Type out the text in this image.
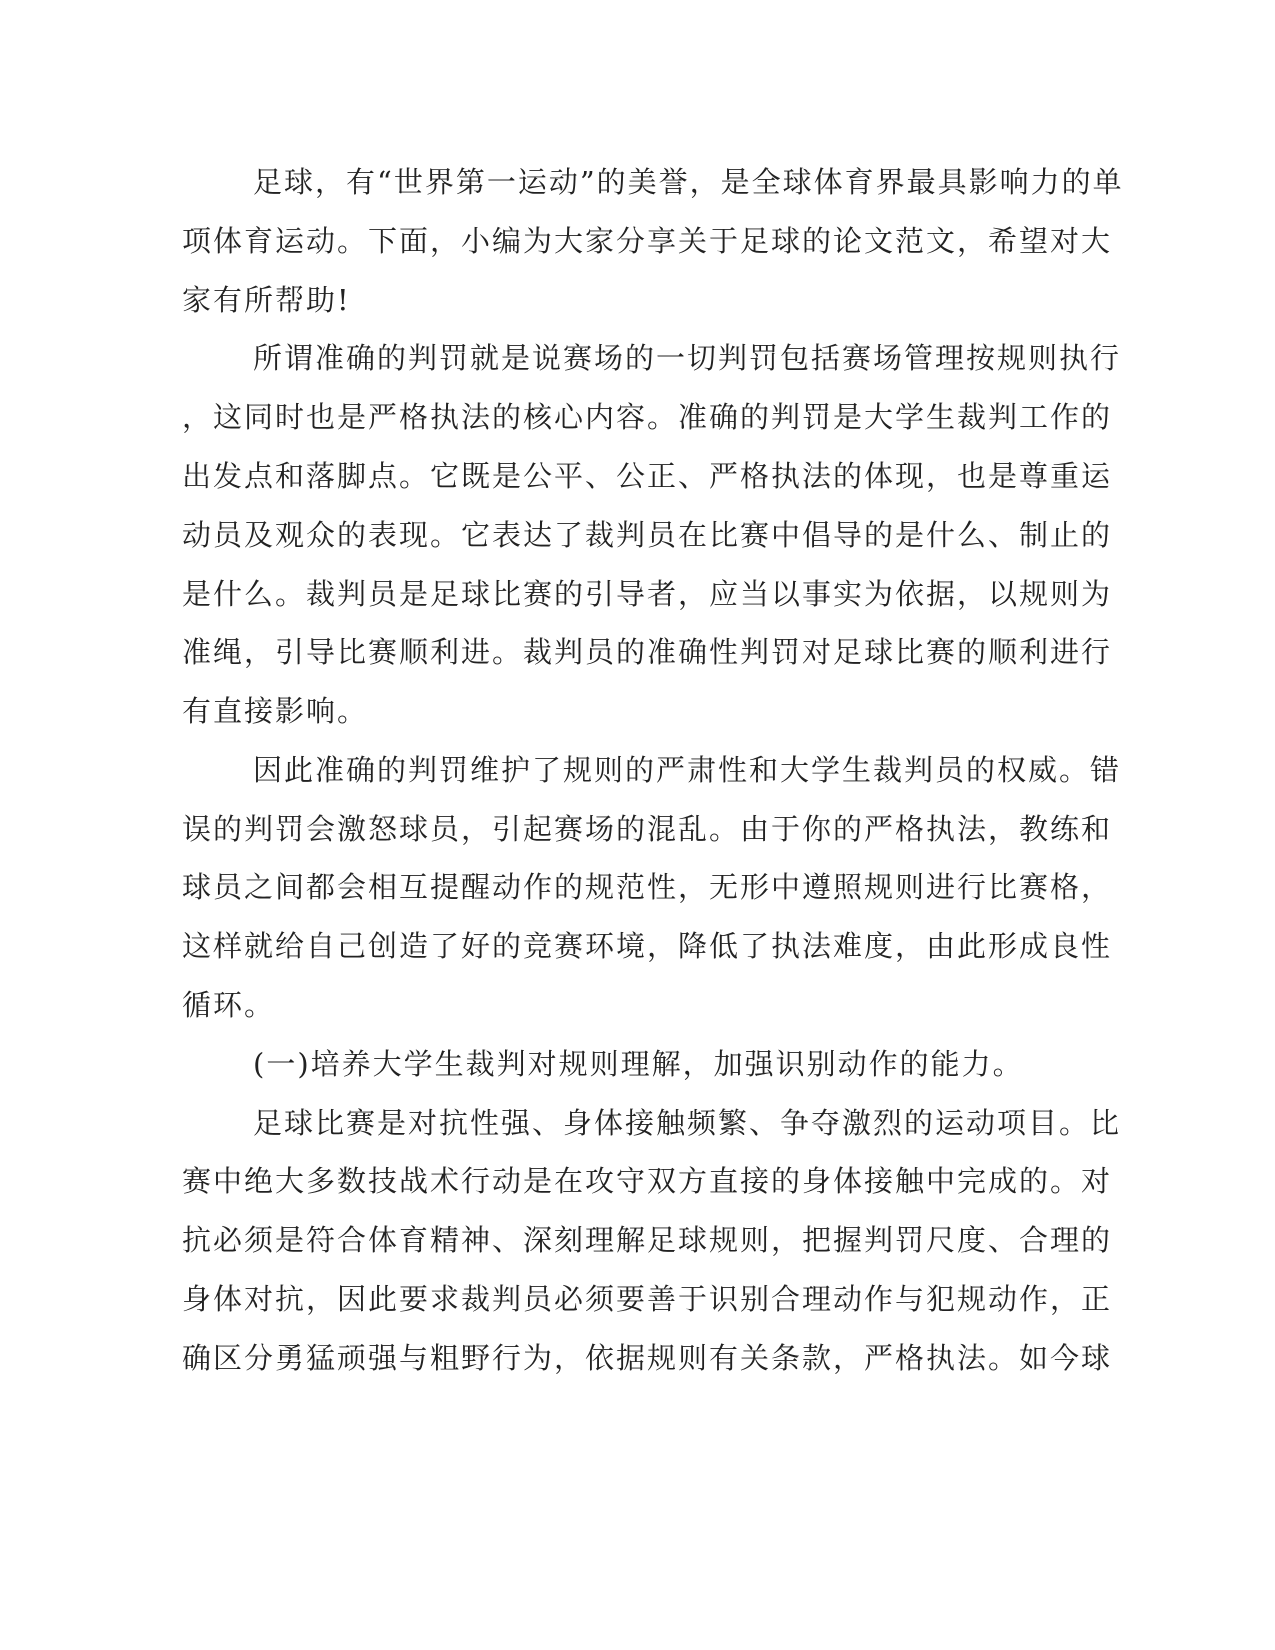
足球，有“世界第一运动”的美誉，是全球体育界最具影响力的单
项体育运动。下面，小编为大家分享关于足球的论文范文，希望对大
家有所帮助!
所谓准确的判罚就是说赛场的一切判罚包括赛场管理按规则执行
，这同时也是严格执法的核心内容。准确的判罚是大学生裁判工作的
出发点和落脚点。它既是公平、公正、严格执法的体现，也是尊重运
动员及观众的表现。它表达了裁判员在比赛中倡导的是什么、制止的
是什么。裁判员是足球比赛的引导者，应当以事实为依据，以规则为
准绳，引导比赛顺利进。裁判员的准确性判罚对足球比赛的顺利进行
有直接影响。
因此准确的判罚维护了规则的严肃性和大学生裁判员的权威。错
误的判罚会激怒球员，引起赛场的混乱。由于你的严格执法，教练和
球员之间都会相互提醒动作的规范性，无形中遵照规则进行比赛格，
这样就给自己创造了好的竞赛环境，降低了执法难度，由此形成良性
循环。
(一)培养大学生裁判对规则理解，加强识别动作的能力。
足球比赛是对抗性强、身体接触频繁、争夺激烈的运动项目。比
赛中绝大多数技战术行动是在攻守双方直接的身体接触中完成的。对
抗必须是符合体育精神、深刻理解足球规则，把握判罚尺度、合理的
身体对抗，因此要求裁判员必须要善于识别合理动作与犯规动作，正
确区分勇猛顽强与粗野行为，依据规则有关条款，严格执法。如今球
